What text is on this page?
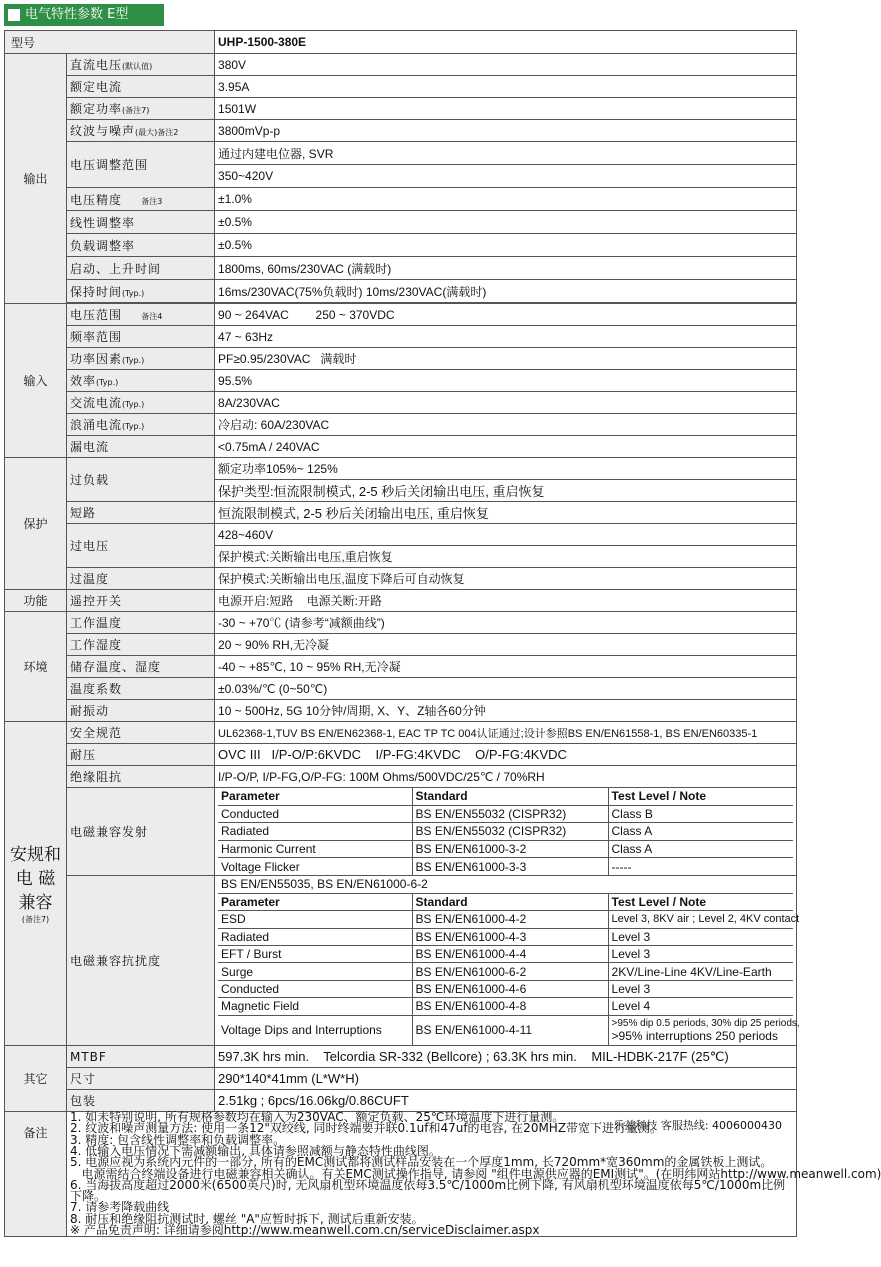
电气特性参数 E型
型号	UHP-1500-380E
输出	直流电压(默认值)	380V
额定电流	3.95A
额定功率(备注7)	1501W
纹波与噪声(最大)备注2	3800mVp-p
电压调整范围	通过内建电位器, SVR
350~420V
电压精度 备注3	±1.0%
线性调整率	±0.5%
负载调整率	±0.5%
启动、上升时间	1800ms, 60ms/230VAC (满载时)
保持时间(Typ.)	16ms/230VAC(75%负载时) 10ms/230VAC(满载时)

输入	电压范围 备注4	90 ~ 264VAC        250 ~ 370VDC
频率范围	47 ~ 63Hz
功率因素(Typ.)	PF≥0.95/230VAC   满载时
效率(Typ.)	95.5%
交流电流(Typ.)	8A/230VAC
浪涌电流(Typ.)	冷启动: 60A/230VAC
漏电流	<0.75mA / 240VAC
保护	过负载	额定功率105%~ 125%
保护类型:恒流限制模式, 2-5 秒后关闭输出电压, 重启恢复
短路	恒流限制模式, 2-5 秒后关闭输出电压, 重启恢复
过电压	428~460V
保护模式:关断输出电压,重启恢复
过温度	保护模式:关断输出电压,温度下降后可自动恢复
功能	遥控开关	电源开启:短路    电源关断:开路
环境	工作温度	-30 ~ +70℃ (请参考“减额曲线”)
工作湿度	20 ~ 90% RH,无冷凝
储存温度、湿度	-40 ~ +85℃, 10 ~ 95% RH,无冷凝
温度系数	±0.03%/℃ (0~50℃)
耐振动	10 ~ 500Hz, 5G 10分钟/周期, X、Y、Z轴各60分钟

安规和
电 磁
兼容
(备注7)
	安全规范	UL62368-1,TUV BS EN/EN62368-1, EAC TP TC 004认证通过;设计参照BS EN/EN61558-1, BS EN/EN60335-1
耐压	OVC III   I/P-O/P:6KVDC    I/P-FG:4KVDC    O/P-FG:4KVDC
绝缘阻抗	I/P-O/P, I/P-FG,O/P-FG: 100M Ohms/500VDC/25℃ / 70%RH
电磁兼容发射	
Parameter	Standard	Test Level / Note
Conducted	BS EN/EN55032 (CISPR32)	Class B
Radiated	BS EN/EN55032 (CISPR32)	Class A
Harmonic Current	BS EN/EN61000-3-2	Class A
Voltage Flicker	BS EN/EN61000-3-3	-----

电磁兼容抗扰度	
BS EN/EN55035, BS EN/EN61000-6-2
Parameter	Standard	Test Level / Note
ESD	BS EN/EN61000-4-2	Level 3, 8KV air ; Level 2, 4KV contact
Radiated	BS EN/EN61000-4-3	Level 3
EFT / Burst	BS EN/EN61000-4-4	Level 3
Surge	BS EN/EN61000-6-2	2KV/Line-Line 4KV/Line-Earth
Conducted	BS EN/EN61000-4-6	Level 3
Magnetic Field	BS EN/EN61000-4-8	Level 4
Voltage Dips and Interruptions	BS EN/EN61000-4-11	>95% dip 0.5 periods, 30% dip 25 periods,
>95% interruptions 250 periods

其它	MTBF	597.3K hrs min.    Telcordia SR-332 (Bellcore) ; 63.3K hrs min.    MIL-HDBK-217F (25℃)
尺寸	290*140*41mm (L*W*H)
包装	2.51kg ; 6pcs/16.06kg/0.86CUFT
备注	
乐兹科技 客服热线: 4006000430
1. 如未特别说明, 所有规格参数均在输入为230VAC、额定负载、25℃环境温度下进行量测。
2. 纹波和噪声测量方法: 使用一条12"双绞线, 同时终端要并联0.1uf和47uf的电容, 在20MHZ带宽下进行量测。
3. 精度: 包含线性调整率和负载调整率。
4. 低输入电压情况下需减额输出, 具体请参照减额与静态特性曲线图。
5. 电源应视为系统内元件的一部分, 所有的EMC测试都将测试样品安装在一个厚度1mm, 长720mm*宽360mm的金属铁板上测试。
电源需结合终端设备进行电磁兼容相关确认。有关EMC测试操作指导, 请参阅 "组件电源供应器的EMI测试"。(在明纬网站http://www.meanwell.com)
6. 当海拔高度超过2000米(6500英尺)时, 无风扇机型环境温度依每3.5℃/1000m比例下降, 有风扇机型环境温度依每5℃/1000m比例下降。
7. 请参考降载曲线
8. 耐压和绝缘阻抗测试时, 螺丝 "A"应暂时拆下, 测试后重新安装。
※ 产品免责声明: 详细请参阅http://www.meanwell.com.cn/serviceDisclaimer.aspx
